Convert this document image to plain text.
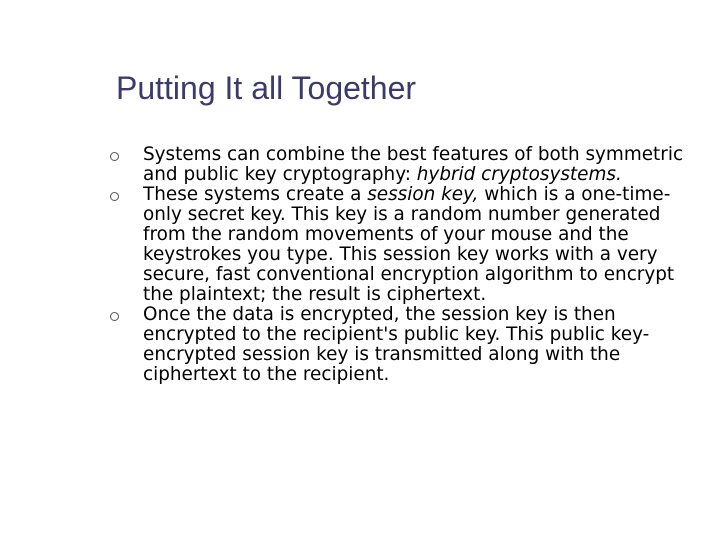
Putting It all Together
Systems can combine the best features of both symmetric and public key cryptography: hybrid cryptosystems.
These systems create a session key, which is a one-time-only secret key. This key is a random number generated from the random movements of your mouse and the keystrokes you type. This session key works with a very secure, fast conventional encryption algorithm to encrypt the plaintext; the result is ciphertext.
Once the data is encrypted, the session key is then encrypted to the recipient's public key. This public key-encrypted session key is transmitted along with the ciphertext to the recipient.
